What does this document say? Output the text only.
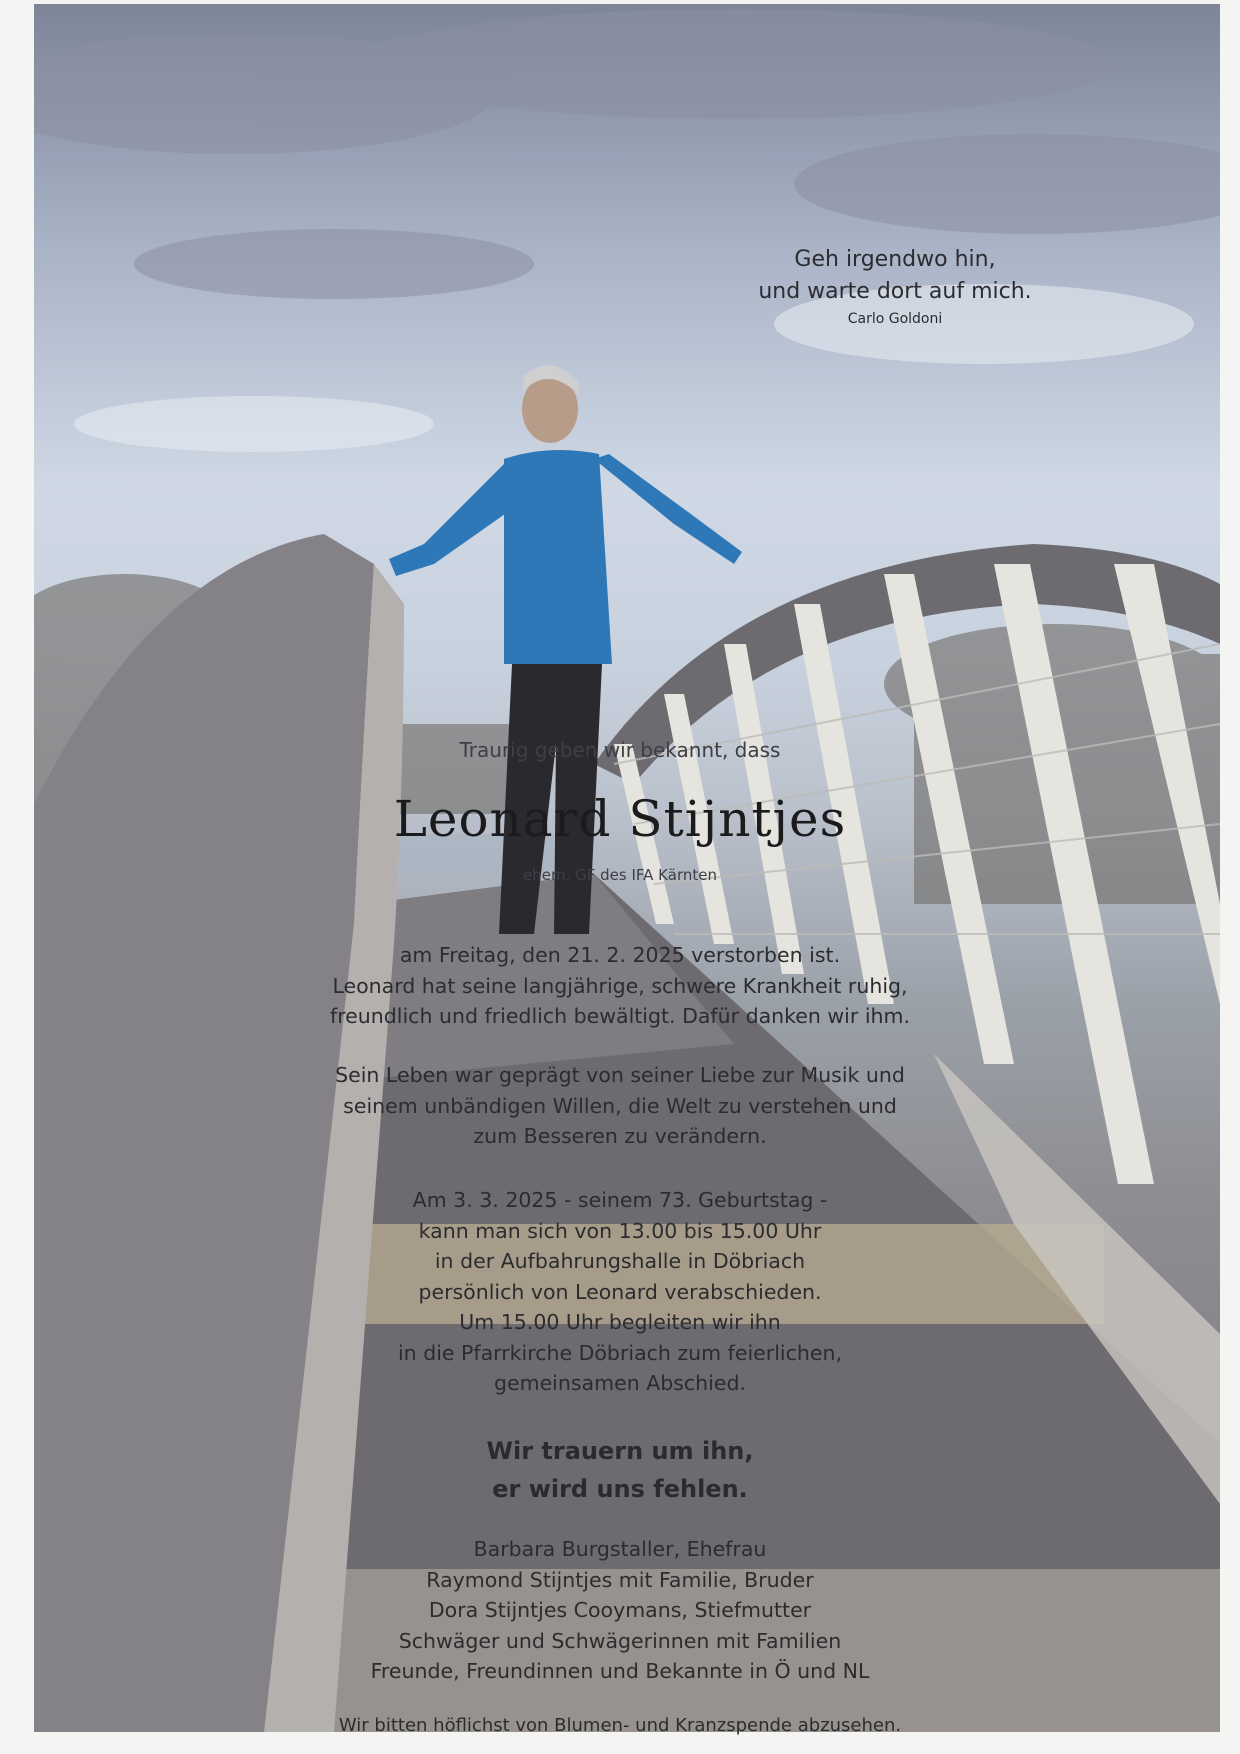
Geh irgendwo hin,
und warte dort auf mich.
Carlo Goldoni
Traurig geben wir bekannt, dass
Leonard Stijntjes
ehem. GF des IFA Kärnten
am Freitag, den 21. 2. 2025 verstorben ist.
Leonard hat seine langjährige, schwere Krankheit ruhig,
freundlich und friedlich bewältigt. Dafür danken wir ihm.
Sein Leben war geprägt von seiner Liebe zur Musik und
seinem unbändigen Willen, die Welt zu verstehen und
zum Besseren zu verändern.
Am 3. 3. 2025 - seinem 73. Geburtstag -
kann man sich von 13.00 bis 15.00 Uhr
in der Aufbahrungshalle in Döbriach
persönlich von Leonard verabschieden.
Um 15.00 Uhr begleiten wir ihn
in die Pfarrkirche Döbriach zum feierlichen,
gemeinsamen Abschied.
Wir trauern um ihn,
er wird uns fehlen.
Barbara Burgstaller, Ehefrau
Raymond Stijntjes mit Familie, Bruder
Dora Stijntjes Cooymans, Stiefmutter
Schwäger und Schwägerinnen mit Familien
Freunde, Freundinnen und Bekannte in Ö und NL
Wir bitten höflichst von Blumen- und Kranzspende abzusehen.
